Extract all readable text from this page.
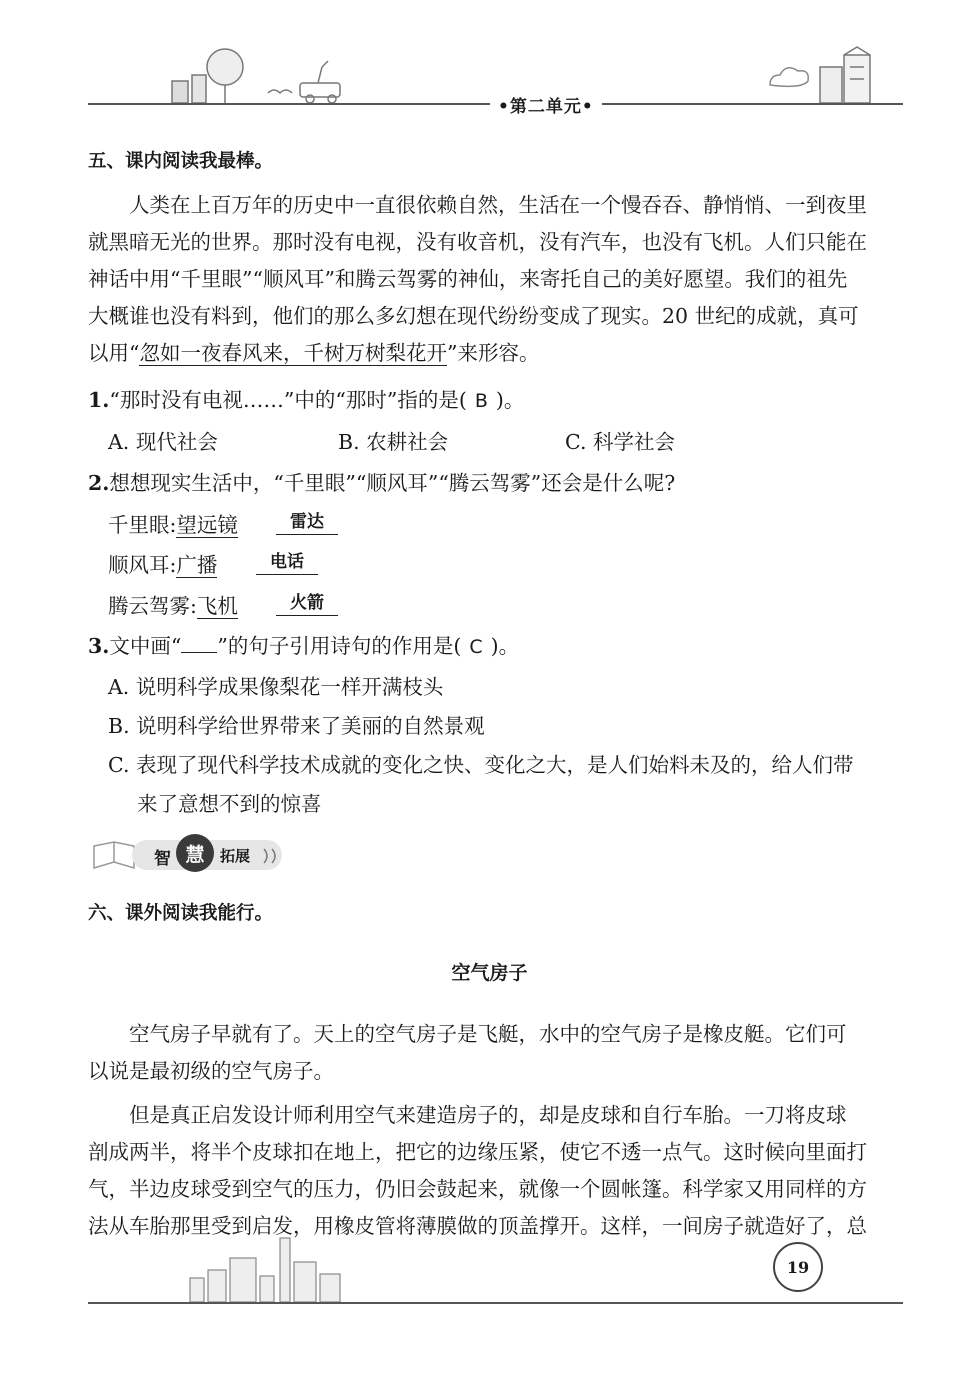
•第二单元•
五、课内阅读我最棒。
人类在上百万年的历史中一直很依赖自然，生活在一个慢吞吞、静悄悄、一到夜里
就黑暗无光的世界。那时没有电视，没有收音机，没有汽车，也没有飞机。人们只能在
神话中用“千里眼”“顺风耳”和腾云驾雾的神仙，来寄托自己的美好愿望。我们的祖先
大概谁也没有料到，他们的那么多幻想在现代纷纷变成了现实。20 世纪的成就，真可
以用“忽如一夜春风来，千树万树梨花开”来形容。
1.“那时没有电视……”中的“那时”指的是( B )。
A. 现代社会	B. 农耕社会	C. 科学社会
2.想想现实生活中，“千里眼”“顺风耳”“腾云驾雾”还会是什么呢?
千里眼:望远镜	雷达
顺风耳:广播	电话
腾云驾雾:飞机	火箭
3.文中画“ ”的句子引用诗句的作用是( C )。
A. 说明科学成果像梨花一样开满枝头
B. 说明科学给世界带来了美丽的自然景观
C. 表现了现代科学技术成就的变化之快、变化之大，是人们始料未及的，给人们带
来了意想不到的惊喜
智 慧 拓展
六、课外阅读我能行。
空气房子
空气房子早就有了。天上的空气房子是飞艇，水中的空气房子是橡皮艇。它们可
以说是最初级的空气房子。
但是真正启发设计师利用空气来建造房子的，却是皮球和自行车胎。一刀将皮球
剖成两半，将半个皮球扣在地上，把它的边缘压紧，使它不透一点气。这时候向里面打
气，半边皮球受到空气的压力，仍旧会鼓起来，就像一个圆帐篷。科学家又用同样的方
法从车胎那里受到启发，用橡皮管将薄膜做的顶盖撑开。这样，一间房子就造好了，总
19
